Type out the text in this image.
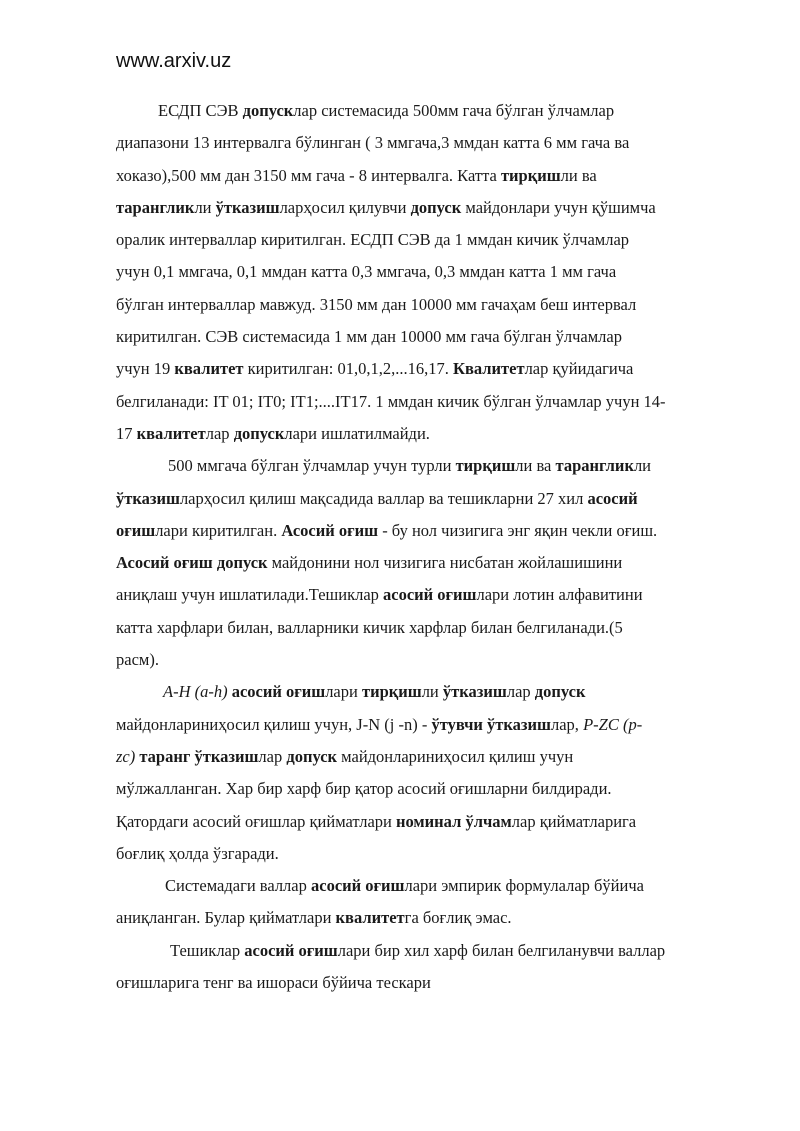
www.arxiv.uz
ЕСДП СЭВ допусклар системасида 500мм гача бўлган ўлчамлар
диапазони 13 интервалга бўлинган ( 3 ммгача,3 ммдан катта 6 мм гача ва
хоказо),500 мм дан 3150 мм гача - 8 интервалга. Катта тирқишли ва
тарангликли ўтказишларҳосил қилувчи допуск майдонлари учун қўшимча
оралик интерваллар киритилган. ЕСДП СЭВ да 1 ммдан кичик ўлчамлар
учун 0,1 ммгача, 0,1 ммдан катта 0,3 ммгача, 0,3 ммдан катта 1 мм гача
бўлган интерваллар мавжуд. 3150 мм дан 10000 мм гачаҳам беш интервал
киритилган. СЭВ системасида 1 мм дан 10000 мм гача бўлган ўлчамлар
учун 19 квалитет киритилган: 01,0,1,2,...16,17. Квалитетлар қуйидагича
белгиланади: IT 01; IT0; IT1;....IT17. 1 ммдан кичик бўлган ўлчамлар учун 14-
17 квалитетлар допусклари ишлатилмайди.
500 ммгача бўлган ўлчамлар учун турли тирқишли ва тарангликли
ўтказишларҳосил қилиш мақсадида валлар ва тешикларни 27 хил асосий
оғишлари киритилган. Асосий оғиш - бу нол чизигига энг яқин чекли оғиш.
Асосий оғиш допуск майдонини нол чизигига нисбатан жойлашишини
аниқлаш учун ишлатилади.Тешиклар асосий оғишлари лотин алфавитини
катта харфлари билан, валларники кичик харфлар билан белгиланади.(5
расм).
A-H (a-h) асосий оғишлари тирқишли ўтказишлар допуск
майдонлариниҳосил қилиш учун, J-N (j -n) - ўтувчи ўтказишлар, P-ZC (p-
zc) таранг ўтказишлар допуск майдонлариниҳосил қилиш учун
мўлжалланган. Хар бир харф бир қатор асосий оғишларни билдиради.
Қатордаги асосий оғишлар қийматлари номинал ўлчамлар қийматларига
боғлиқ ҳолда ўзгаради.
Системадаги валлар асосий оғишлари эмпирик формулалар бўйича
аниқланган. Булар қийматлари квалитетга боғлиқ эмас.
Тешиклар асосий оғишлари бир хил харф билан белгиланувчи валлар
оғишларига тенг ва ишораси бўйича тескари
